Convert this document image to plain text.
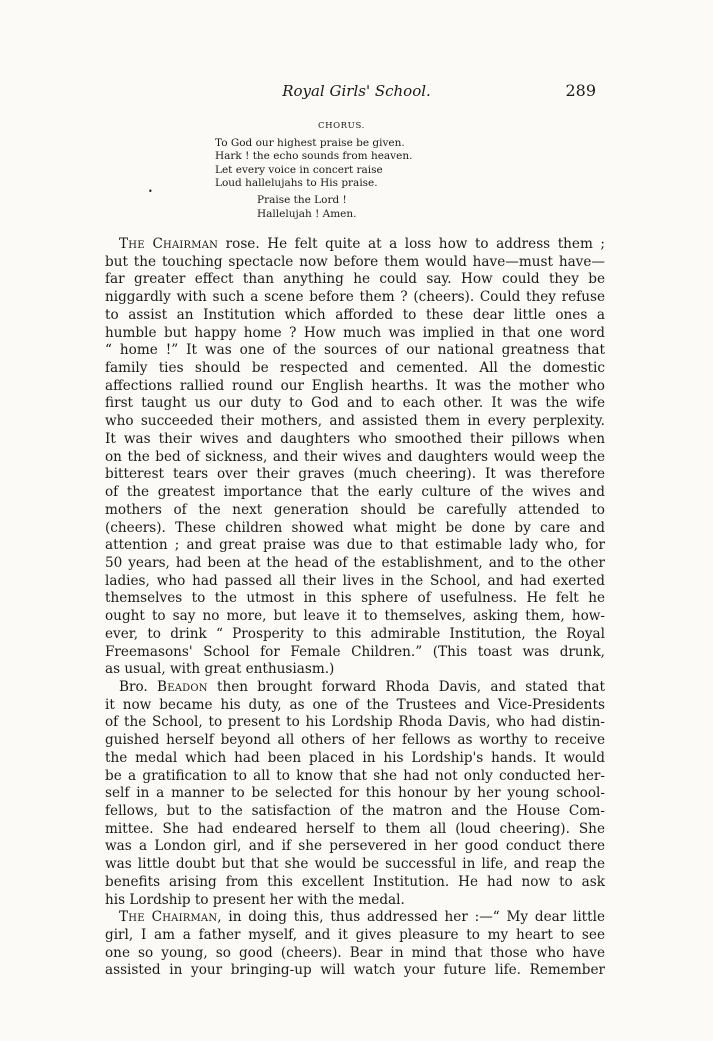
Royal Girls' School.	289
CHORUS.
To God our highest praise be given.
Hark ! the echo sounds from heaven.
Let every voice in concert raise
Loud hallelujahs to His praise.
Praise the Lord !
Hallelujah ! Amen.
•
The Chairman rose. He felt quite at a loss how to address them ;
but the touching spectacle now before them would have—must have—
far greater effect than anything he could say. How could they be
niggardly with such a scene before them ? (cheers). Could they refuse
to assist an Institution which afforded to these dear little ones a
humble but happy home ? How much was implied in that one word
“ home !” It was one of the sources of our national greatness that
family ties should be respected and cemented. All the domestic
affections rallied round our English hearths. It was the mother who
first taught us our duty to God and to each other. It was the wife
who succeeded their mothers, and assisted them in every perplexity.
It was their wives and daughters who smoothed their pillows when
on the bed of sickness, and their wives and daughters would weep the
bitterest tears over their graves (much cheering). It was therefore
of the greatest importance that the early culture of the wives and
mothers of the next generation should be carefully attended to
(cheers). These children showed what might be done by care and
attention ; and great praise was due to that estimable lady who, for
50 years, had been at the head of the establishment, and to the other
ladies, who had passed all their lives in the School, and had exerted
themselves to the utmost in this sphere of usefulness. He felt he
ought to say no more, but leave it to themselves, asking them, how-
ever, to drink “ Prosperity to this admirable Institution, the Royal
Freemasons' School for Female Children.” (This toast was drunk,
as usual, with great enthusiasm.)
Bro. Beadon then brought forward Rhoda Davis, and stated that
it now became his duty, as one of the Trustees and Vice-Presidents
of the School, to present to his Lordship Rhoda Davis, who had distin-
guished herself beyond all others of her fellows as worthy to receive
the medal which had been placed in his Lordship's hands. It would
be a gratification to all to know that she had not only conducted her-
self in a manner to be selected for this honour by her young school-
fellows, but to the satisfaction of the matron and the House Com-
mittee. She had endeared herself to them all (loud cheering). She
was a London girl, and if she persevered in her good conduct there
was little doubt but that she would be successful in life, and reap the
benefits arising from this excellent Institution. He had now to ask
his Lordship to present her with the medal.
The Chairman, in doing this, thus addressed her :—“ My dear little
girl, I am a father myself, and it gives pleasure to my heart to see
one so young, so good (cheers). Bear in mind that those who have
assisted in your bringing-up will watch your future life. Remember
